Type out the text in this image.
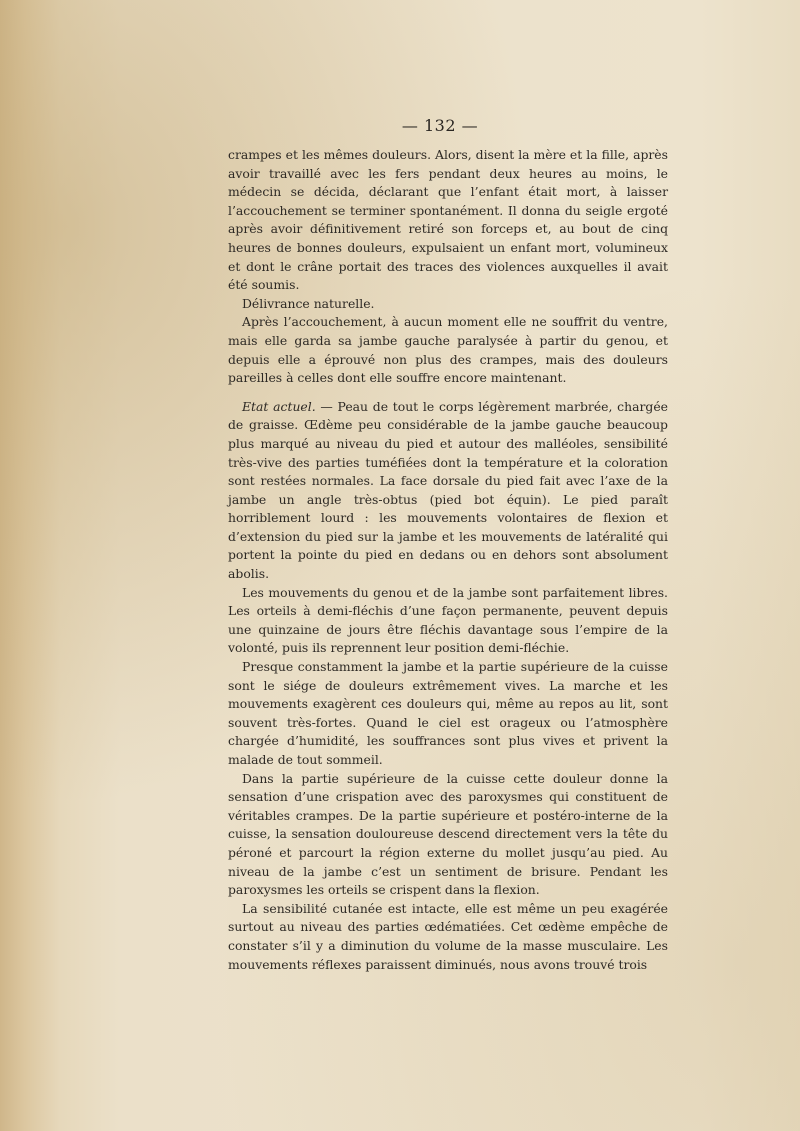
— 132 —

crampes et les mêmes douleurs. Alors, disent la mère et la fille, après avoir travaillé avec les fers pendant deux heures au moins, le médecin se décida, déclarant que l’enfant était mort, à laisser l’accouchement se terminer spontanément. Il donna du seigle ergoté après avoir définitivement retiré son forceps et, au bout de cinq heures de bonnes douleurs, expulsaient un enfant mort, volumineux et dont le crâne portait des traces des violences auxquelles il avait été soumis.

Délivrance naturelle.

Après l’accouchement, à aucun moment elle ne souffrit du ventre, mais elle garda sa jambe gauche paralysée à partir du genou, et depuis elle a éprouvé non plus des crampes, mais des douleurs pareilles à celles dont elle souffre encore maintenant.

Etat actuel. — Peau de tout le corps légèrement marbrée, chargée de graisse. Œdème peu considérable de la jambe gauche beaucoup plus marqué au niveau du pied et autour des malléoles, sensibilité très-vive des parties tuméfiées dont la température et la coloration sont restées normales. La face dorsale du pied fait avec l’axe de la jambe un angle très-obtus (pied bot équin). Le pied paraît horriblement lourd : les mouvements volontaires de flexion et d’extension du pied sur la jambe et les mouvements de latéralité qui portent la pointe du pied en dedans ou en dehors sont absolument abolis.

Les mouvements du genou et de la jambe sont parfaitement libres. Les orteils à demi-fléchis d’une façon permanente, peuvent depuis une quinzaine de jours être fléchis davantage sous l’empire de la volonté, puis ils reprennent leur position demi-fléchie.

Presque constamment la jambe et la partie supérieure de la cuisse sont le siége de douleurs extrêmement vives. La marche et les mouvements exagèrent ces douleurs qui, même au repos au lit, sont souvent très-fortes. Quand le ciel est orageux ou l’atmosphère chargée d’humidité, les souffrances sont plus vives et privent la malade de tout sommeil.

Dans la partie supérieure de la cuisse cette douleur donne la sensation d’une crispation avec des paroxysmes qui constituent de véritables crampes. De la partie supérieure et postéro-interne de la cuisse, la sensation douloureuse descend directement vers la tête du péroné et parcourt la région externe du mollet jusqu’au pied. Au niveau de la jambe c’est un sentiment de brisure. Pendant les paroxysmes les orteils se crispent dans la flexion.

La sensibilité cutanée est intacte, elle est même un peu exagérée surtout au niveau des parties œdématiées. Cet œdème empêche de constater s’il y a diminution du volume de la masse musculaire. Les mouvements réflexes paraissent diminués, nous avons trouvé trois
